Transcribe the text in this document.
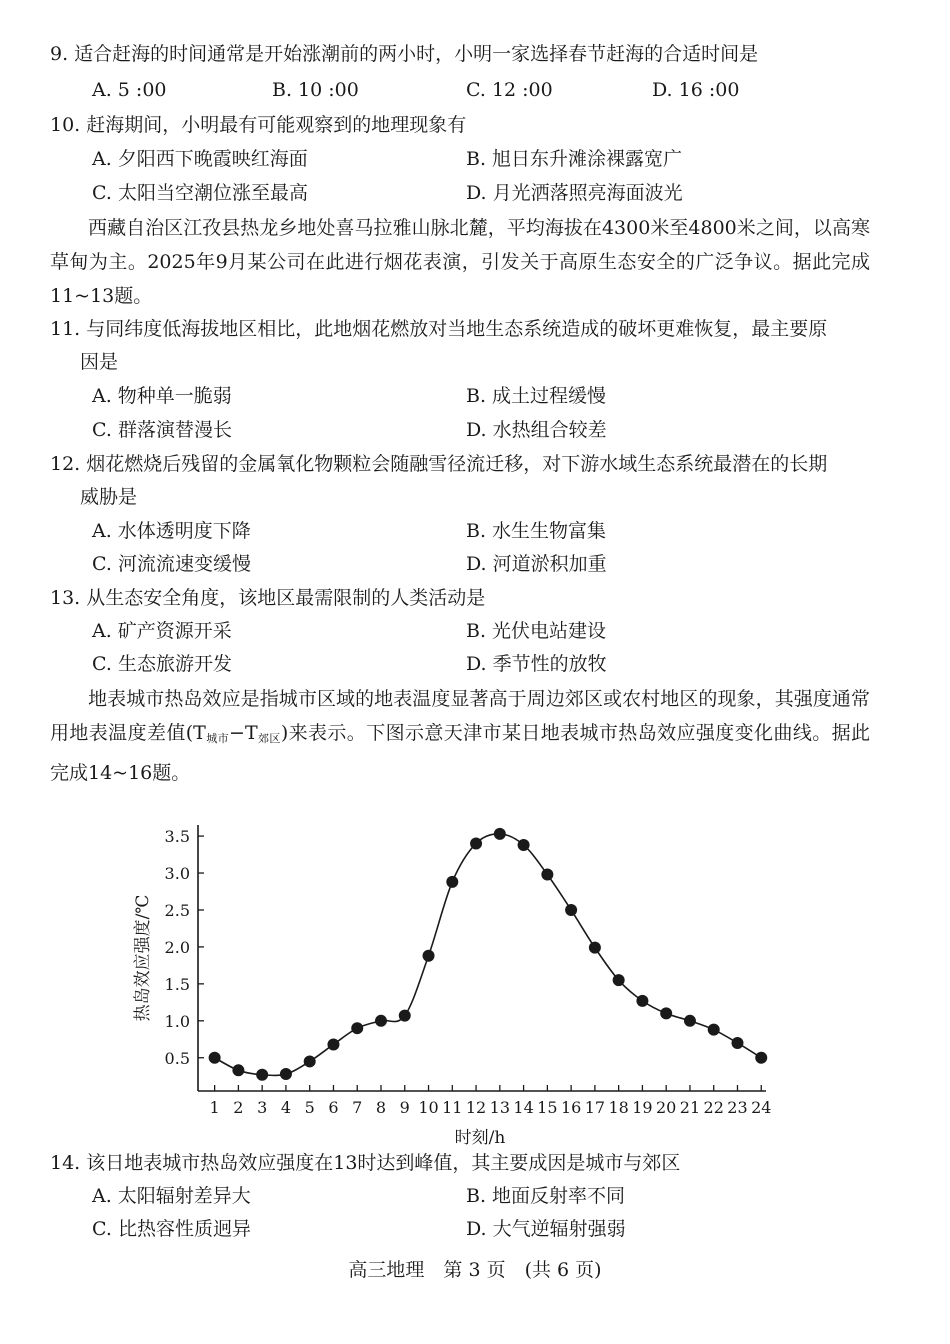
9. 适合赶海的时间通常是开始涨潮前的两小时，小明一家选择春节赶海的合适时间是
A. 5 :00	B. 10 :00	C. 12 :00	D. 16 :00
10. 赶海期间，小明最有可能观察到的地理现象有
A. 夕阳西下晚霞映红海面	B. 旭日东升滩涂裸露宽广
C. 太阳当空潮位涨至最高	D. 月光洒落照亮海面波光
西藏自治区江孜县热龙乡地处喜马拉雅山脉北麓，平均海拔在4300米至4800米之间，以高寒草甸为主。2025年9月某公司在此进行烟花表演，引发关于高原生态安全的广泛争议。据此完成11~13题。
11. 与同纬度低海拔地区相比，此地烟花燃放对当地生态系统造成的破坏更难恢复，最主要原
因是
A. 物种单一脆弱	B. 成土过程缓慢
C. 群落演替漫长	D. 水热组合较差
12. 烟花燃烧后残留的金属氧化物颗粒会随融雪径流迁移，对下游水域生态系统最潜在的长期
威胁是
A. 水体透明度下降	B. 水生生物富集
C. 河流流速变缓慢	D. 河道淤积加重
13. 从生态安全角度，该地区最需限制的人类活动是
A. 矿产资源开采	B. 光伏电站建设
C. 生态旅游开发	D. 季节性的放牧
地表城市热岛效应是指城市区域的地表温度显著高于周边郊区或农村地区的现象，其强度通常用地表温度差值$(T_{城市}-T_{郊区})$来表示。下图示意天津市某日地表城市热岛效应强度变化曲线。据此完成14~16题。
0.5
1.0
1.5
2.0
2.5
3.0
3.5
1 2 3 4 5 6 7 8 9 10 11 12 13 14 15 16 17 18 19 20 21 22 23 24
时刻/h
热岛效应强度/℃
14. 该日地表城市热岛效应强度在13时达到峰值，其主要成因是城市与郊区
A. 太阳辐射差异大	B. 地面反射率不同
C. 比热容性质迥异	D. 大气逆辐射强弱
高三地理　第 3 页　(共 6 页)
